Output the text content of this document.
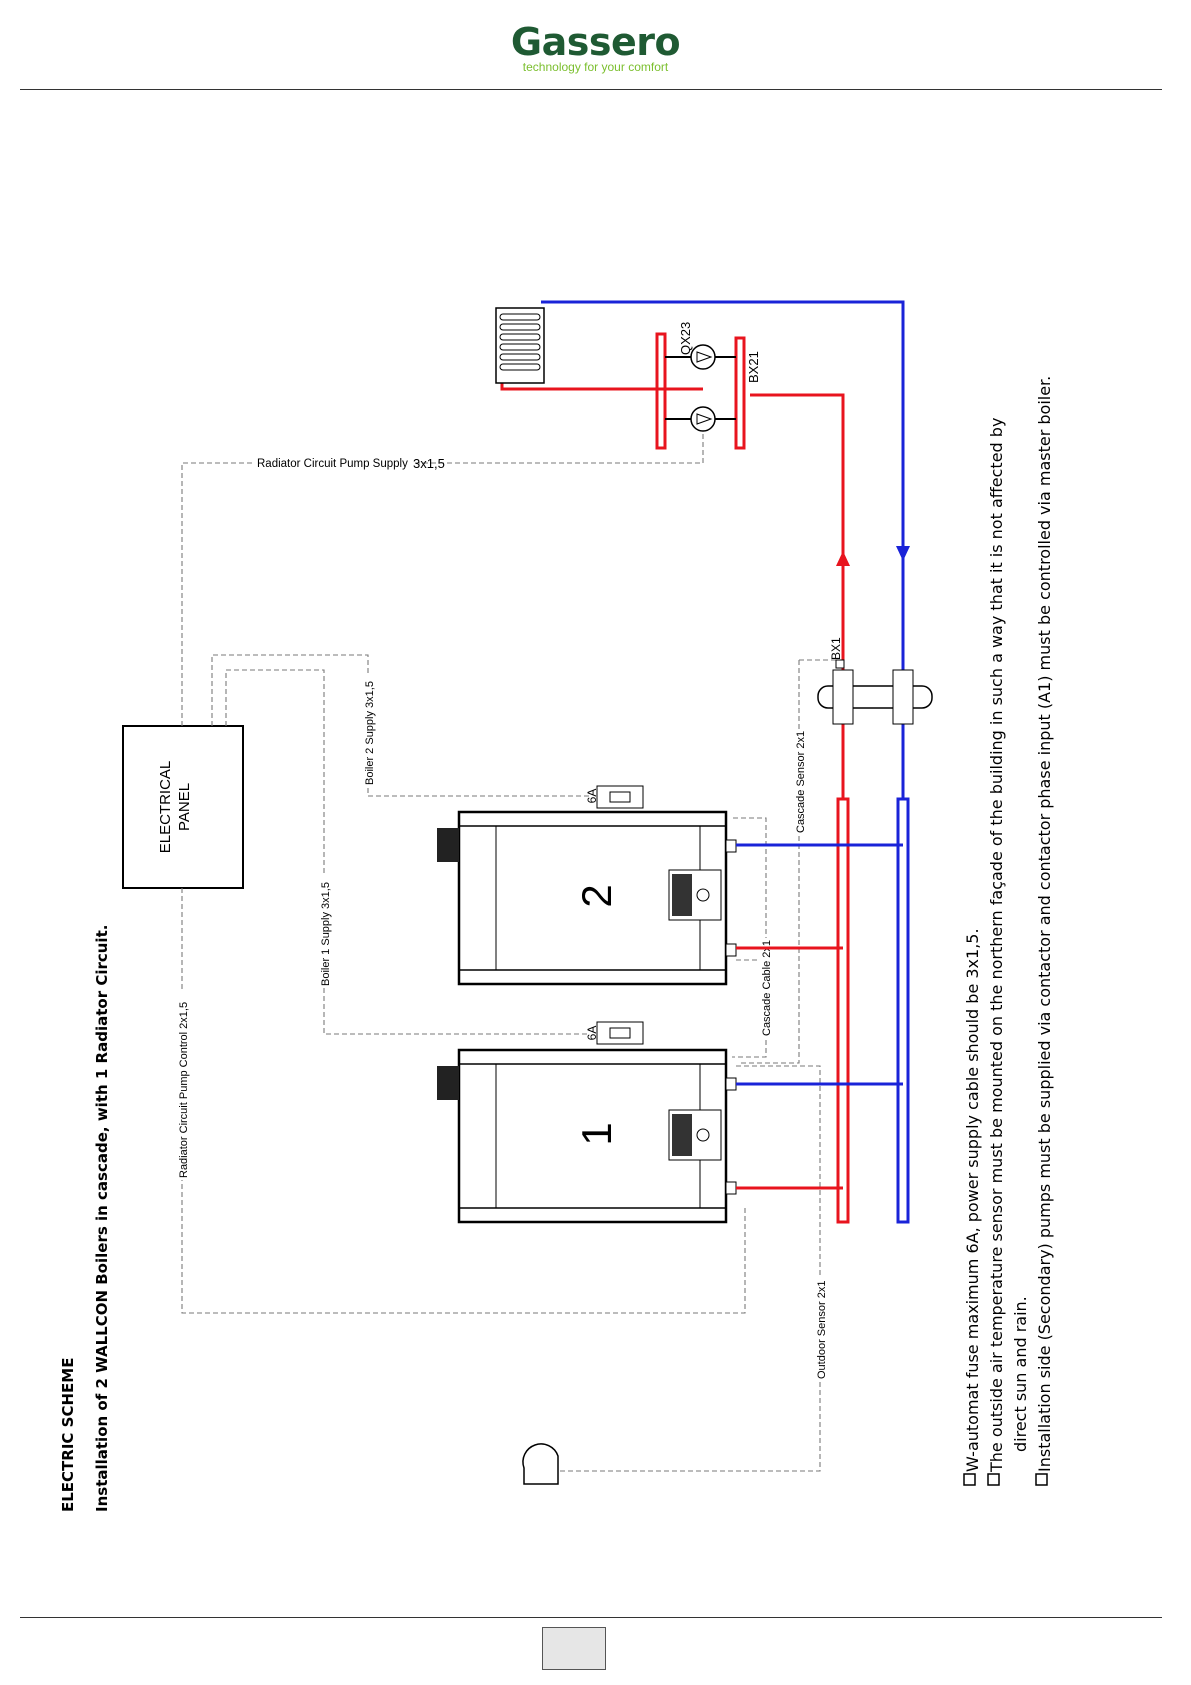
Gassero
technology for your comfort
ELECTRIC SCHEME Installation of 2 WALLCON Boilers in cascade, with 1 Radiator Circuit.
ELECTRICAL PANEL
Radiator Circuit Pump Supply 3x1,5
Radiator Circuit Pump Control 2x1,5
Boiler 1 Supply 3x1,5
Boiler 2 Supply 3x1,5
Cascade Cable 2x1
Cascade Sensor 2x1
Outdoor Sensor 2x1
6A
6A
2
1
BX1
QX23
BX21
W-automat fuse maximum 6A, power supply cable should be 3x1,5. The outside air temperature sensor must be mounted on the northern façade of the building in such a way that it is not affected by direct sun and rain. Installation side (Secondary) pumps must be supplied via contactor and contactor phase input (A1) must be controlled via master boiler.
